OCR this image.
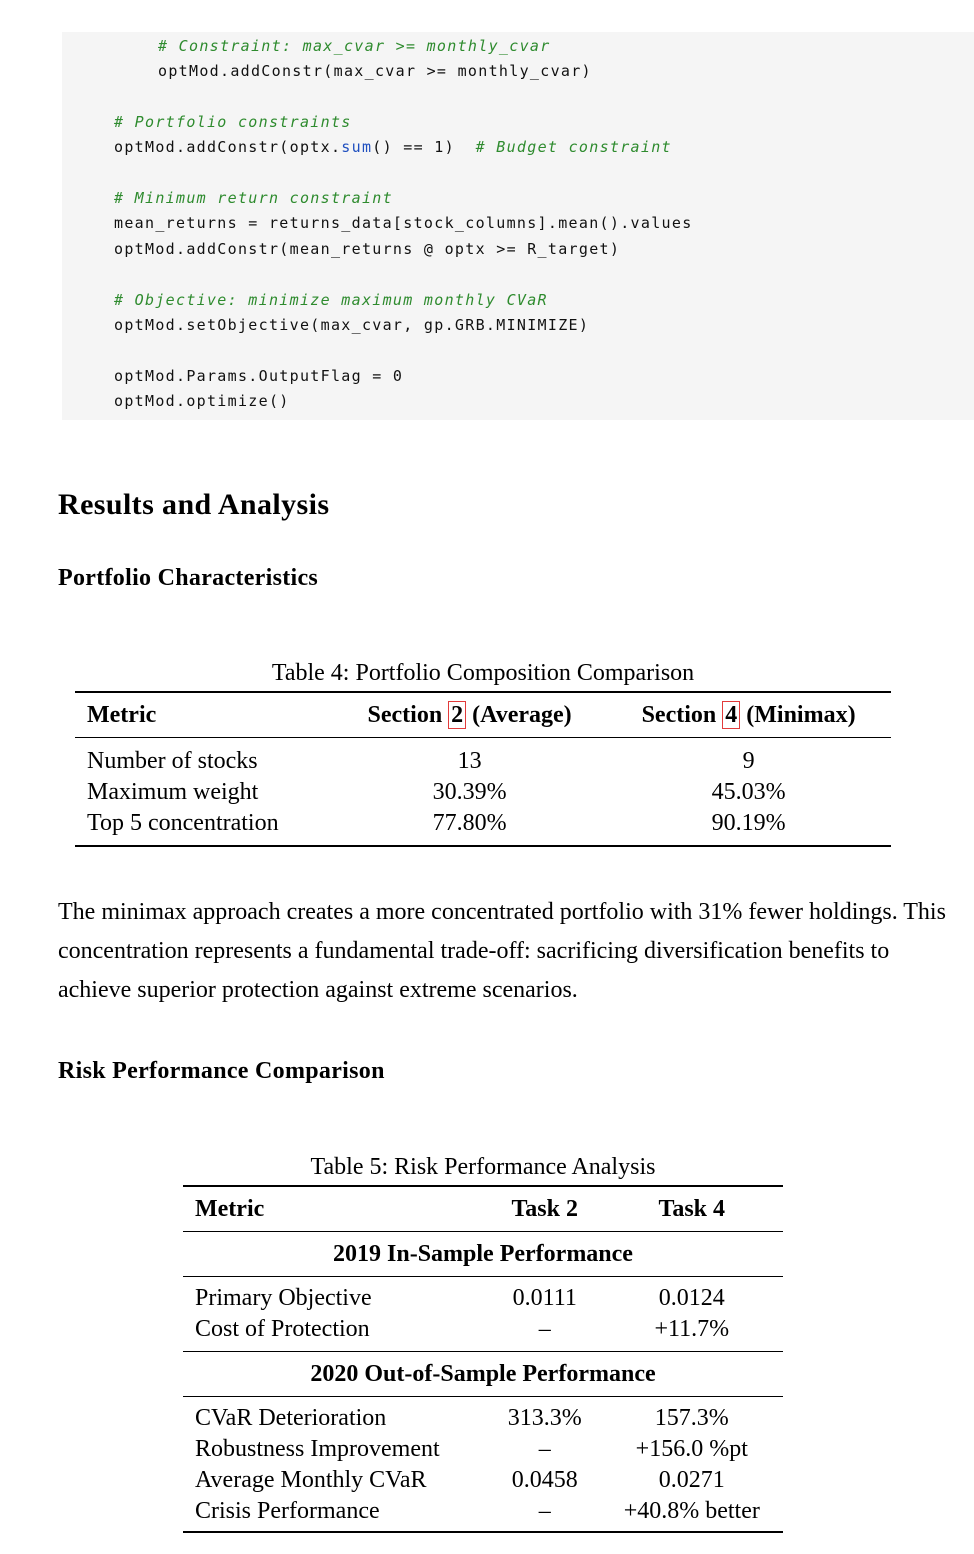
# Constraint: max_cvar >= monthly_cvar
optMod.addConstr(max_cvar >= monthly_cvar)
# Portfolio constraints
optMod.addConstr(optx.sum() == 1)  # Budget constraint
# Minimum return constraint
mean_returns = returns_data[stock_columns].mean().values
optMod.addConstr(mean_returns @ optx >= R_target)
# Objective: minimize maximum monthly CVaR
optMod.setObjective(max_cvar, gp.GRB.MINIMIZE)
optMod.Params.OutputFlag = 0
optMod.optimize()
Results and Analysis
Portfolio Characteristics
Table 4: Portfolio Composition Comparison
Metric	Section 2 (Average)	Section 4 (Minimax)

Number of stocks	13	9
Maximum weight	30.39%	45.03%
Top 5 concentration	77.80%	90.19%

The minimax approach creates a more concentrated portfolio with 31% fewer holdings. This concentration represents a fundamental trade-off: sacrificing diversification benefits to achieve superior protection against extreme scenarios.

Risk Performance Comparison
Table 5: Risk Performance Analysis
Metric	Task 2	Task 4
2019 In-Sample Performance		
Primary Objective	0.0111	0.0124
Cost of Protection	–	+11.7%
2020 Out-of-Sample Performance		
CVaR Deterioration	313.3%	157.3%
Robustness Improvement	–	+156.0 %pt
Average Monthly CVaR	0.0458	0.0271
Crisis Performance	–	+40.8% better
